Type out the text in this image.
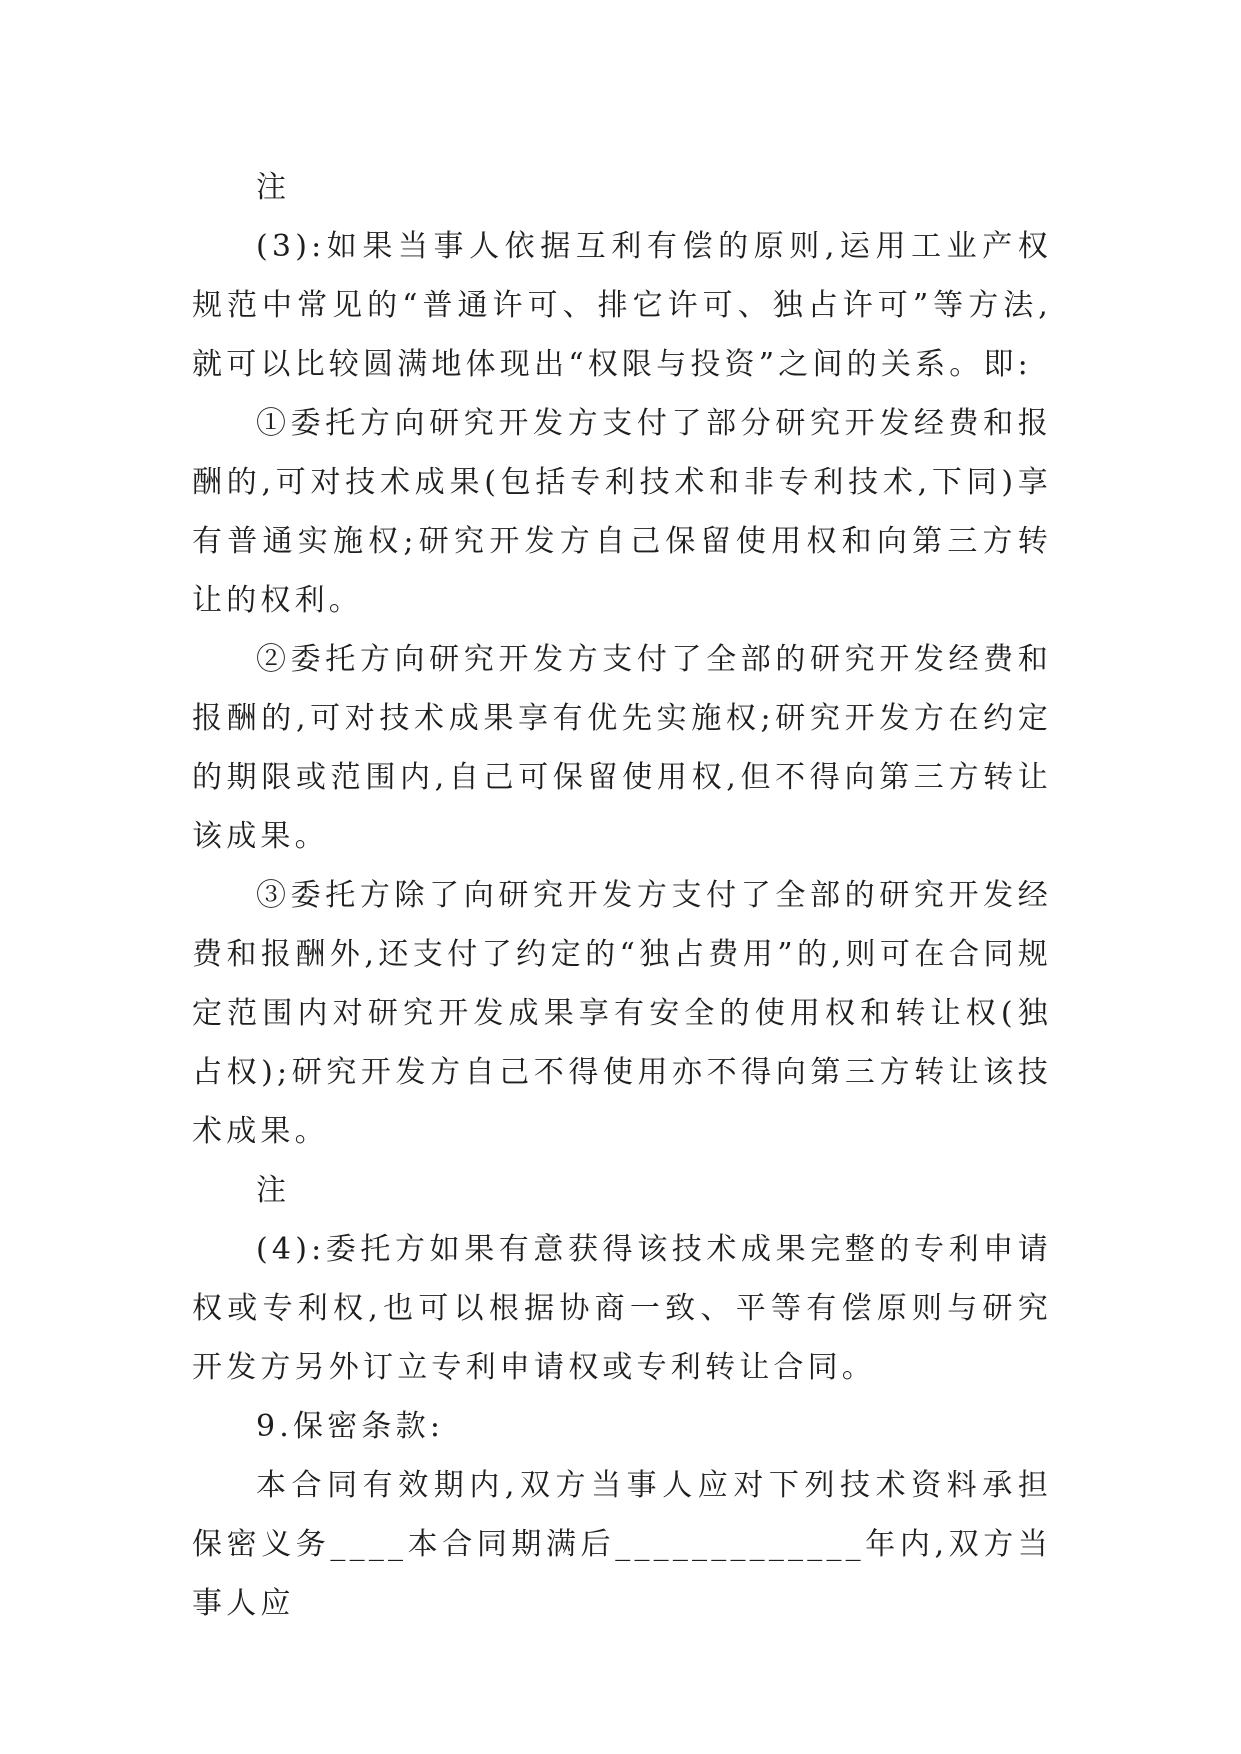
注

(3):如果当事人依据互利有偿的原则,运用工业产权规范中常见的“普通许可、排它许可、独占许可”等方法,就可以比较圆满地体现出“权限与投资”之间的关系。即:

①委托方向研究开发方支付了部分研究开发经费和报酬的,可对技术成果(包括专利技术和非专利技术,下同)享有普通实施权;研究开发方自己保留使用权和向第三方转让的权利。

②委托方向研究开发方支付了全部的研究开发经费和报酬的,可对技术成果享有优先实施权;研究开发方在约定的期限或范围内,自己可保留使用权,但不得向第三方转让该成果。

③委托方除了向研究开发方支付了全部的研究开发经费和报酬外,还支付了约定的“独占费用”的,则可在合同规定范围内对研究开发成果享有安全的使用权和转让权(独占权);研究开发方自己不得使用亦不得向第三方转让该技术成果。

注

(4):委托方如果有意获得该技术成果完整的专利申请权或专利权,也可以根据协商一致、平等有偿原则与研究开发方另外订立专利申请权或专利转让合同。

9.保密条款:

本合同有效期内,双方当事人应对下列技术资料承担保密义务____本合同期满后_____________年内,双方当事人应
